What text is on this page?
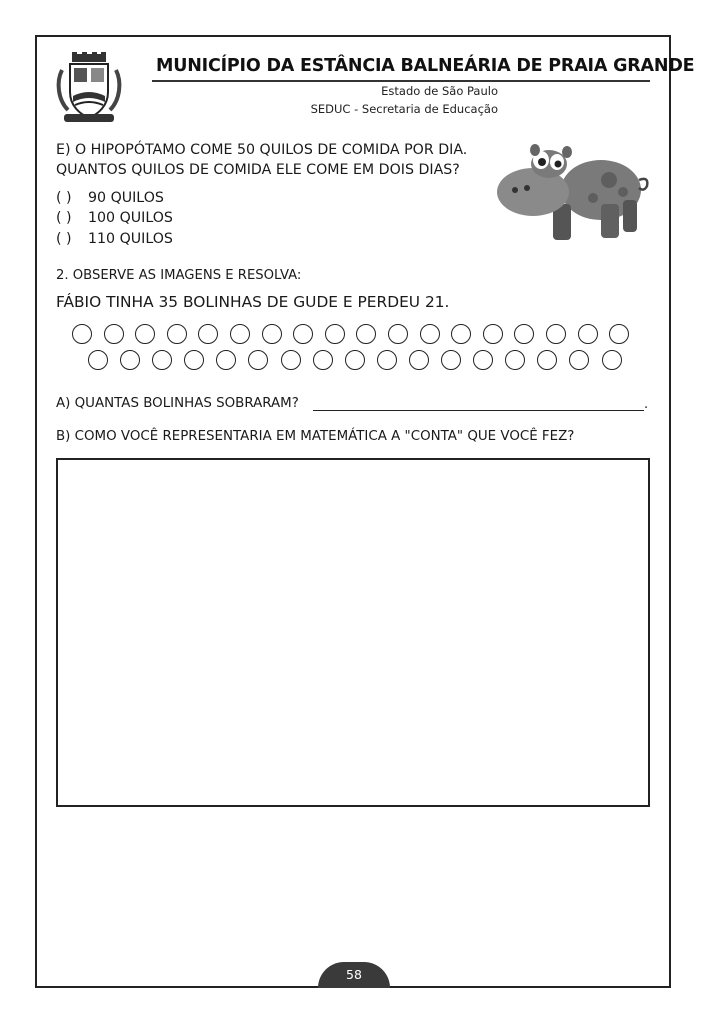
MUNICÍPIO DA ESTÂNCIA BALNEÁRIA DE PRAIA GRANDE
Estado de São Paulo
SEDUC - Secretaria de Educação
E) O HIPOPÓTAMO COME 50 QUILOS DE COMIDA POR DIA.
QUANTOS QUILOS DE COMIDA ELE COME EM DOIS DIAS?
( ) 90 QUILOS
( ) 100 QUILOS
( ) 110 QUILOS
2. OBSERVE AS IMAGENS E RESOLVA:
FÁBIO TINHA 35 BOLINHAS DE GUDE E PERDEU 21.
A) QUANTAS BOLINHAS SOBRARAM?	.
B) COMO VOCÊ REPRESENTARIA EM MATEMÁTICA A "CONTA" QUE VOCÊ FEZ?
58
